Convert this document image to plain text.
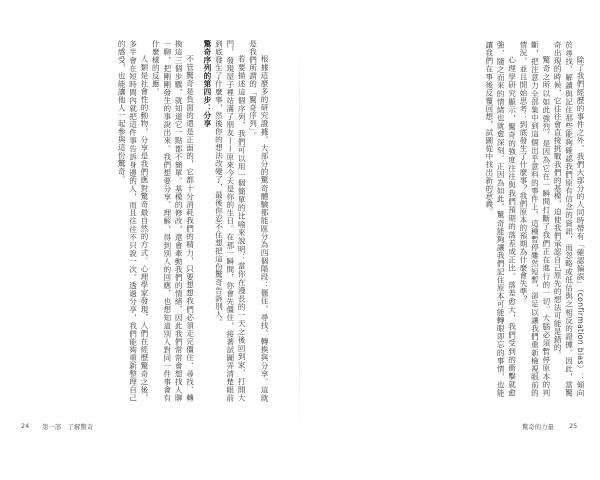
除了我們經歷的事件之外，我們大部分的人同時帶有「確認偏誤」（confirmation bias）：傾向於尋找、解讀與記住那些能夠確認我們原有信念的資訊，而忽略或低估與之相反的證據。因此，當驚奇出現的時候，它往往會直接挑戰我們的基模，迫使我們承認自己原先的想法可能是錯的。
驚奇之所以如此強烈，是因為它在一瞬間打斷了我們正在進行的一切。大腦必須暫停原本的判斷，把注意力全部集中到這個出乎意料的事件上。這種暫停雖然短暫，卻足以讓我們重新檢視眼前的情況，並且開始思考：到底發生了什麼事？我們原本的預期為什麼會失準？
心理學研究顯示，驚奇的強度往往與我們預期的落差成正比。落差愈大，我們受到的衝擊就愈強，隨之而來的情緒也就愈深刻。正因為如此，驚奇能夠讓我們記住原本可能轉眼即忘的事情，也能讓我們在事後反覆回想，試圖從中找出新的意義。
驚奇的力量 25
根據這麼多的研究證據，大部分的驚奇體驗都能區分為四個階段：僵住、尋找、轉換與分享。這就是我們所謂的「驚奇序列」。
若要描述這個序列，我們可以用一個簡單的比喻來說明：當你在漫長的一天之後回到家，打開大門，發現屋子裡站滿了朋友——原來今天是你的生日。在那一瞬間，你會先僵住，接著試圖弄清楚眼前到底發生了什麼事，然後你的想法改變了，最後你忍不住想把這份驚奇告訴別人。
驚奇序列的第四步：分享
不管驚奇是負面的還是正面的，它都十分消耗我們的精力，只要想想我們必須走完僵住、尋找、轉換這三個步驟，就知道它一點都不簡單。基模的修改，還會牽動我們的情緒，因此我們常常會想找人聊一聊，把剛剛發生的事說出來。我們想要分享、理解，得到別人的回應，也想知道別人對同一件事會有什麼樣的反應。
人類是社會性的動物，分享是我們應對驚奇最自然的方式。心理學家發現，人們在經歷驚奇之後，多半會在短時間內就把這件事告訴身邊的人，而且往往不只說一次。透過分享，我們能夠重新整理自己的感受，也能讓他人一起參與這份驚奇。
24 第一部　了解驚奇
